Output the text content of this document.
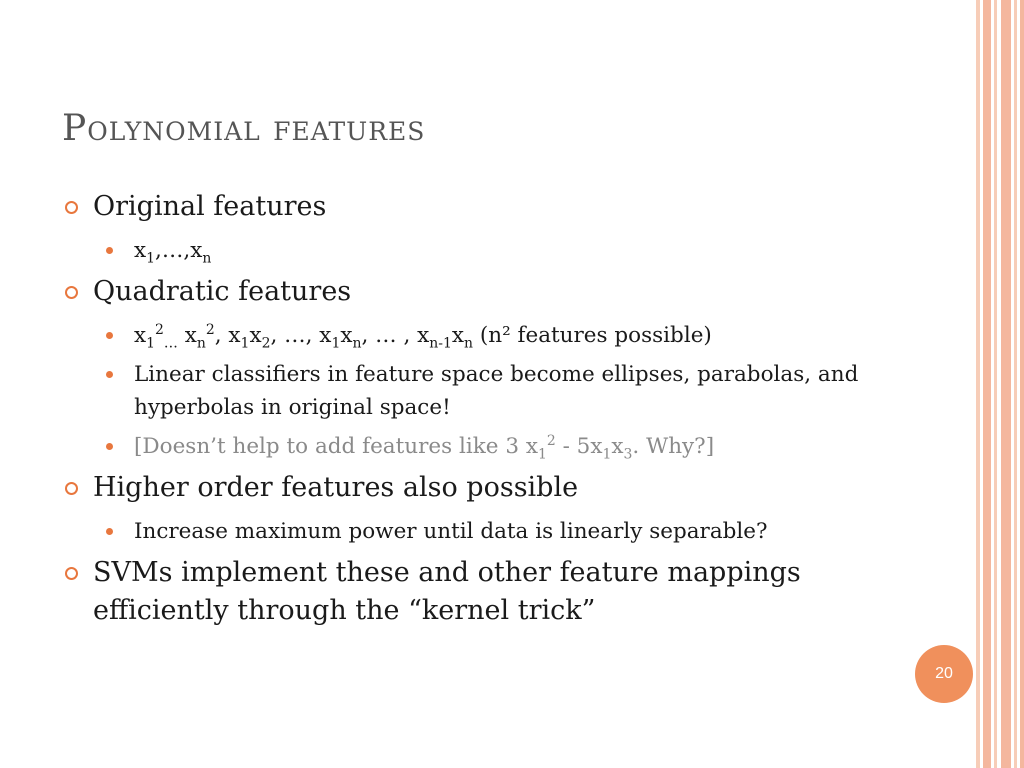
Polynomial features
Original features
$x_1,\dots,x_n$
Quadratic features
$x_1^2_\dots$ $x_n^2$, $x_1x_2$, …, $x_1x_n$, … , $x_{n-1}x_n$ (n² features possible)
Linear classifiers in feature space become ellipses, parabolas, and hyperbolas in original space!
[Doesn’t help to add features like 3 $x_1^2 - 5x_1x_3$. Why?]
Higher order features also possible
Increase maximum power until data is linearly separable?
SVMs implement these and other feature mappings efficiently through the “kernel trick”
20
